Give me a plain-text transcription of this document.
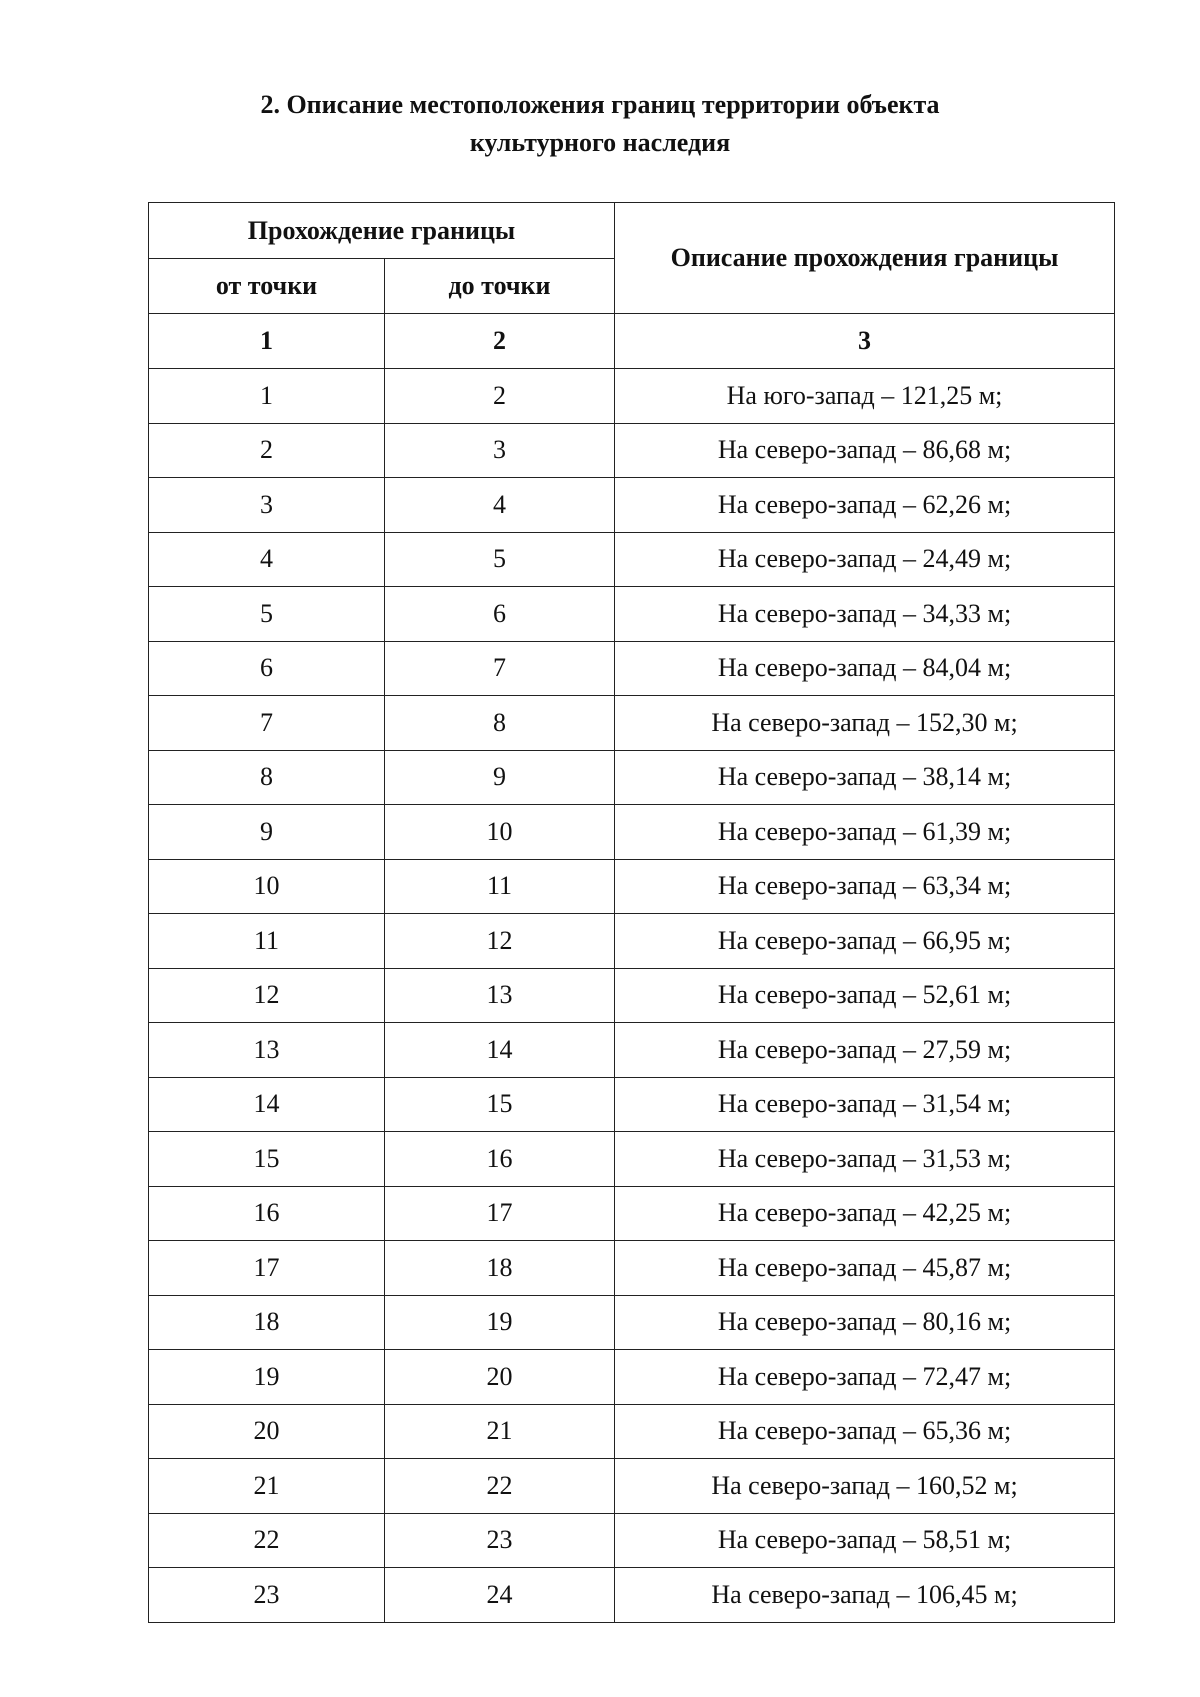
2. Описание местоположения границ территории объекта
культурного наследия
Прохождение границы		Описание прохождения границы
от точки	до точки	
1	2	3
1	2	На юго-запад – 121,25 м;
2	3	На северо-запад – 86,68 м;
3	4	На северо-запад – 62,26 м;
4	5	На северо-запад – 24,49 м;
5	6	На северо-запад – 34,33 м;
6	7	На северо-запад – 84,04 м;
7	8	На северо-запад – 152,30 м;
8	9	На северо-запад – 38,14 м;
9	10	На северо-запад – 61,39 м;
10	11	На северо-запад – 63,34 м;
11	12	На северо-запад – 66,95 м;
12	13	На северо-запад – 52,61 м;
13	14	На северо-запад – 27,59 м;
14	15	На северо-запад – 31,54 м;
15	16	На северо-запад – 31,53 м;
16	17	На северо-запад – 42,25 м;
17	18	На северо-запад – 45,87 м;
18	19	На северо-запад – 80,16 м;
19	20	На северо-запад – 72,47 м;
20	21	На северо-запад – 65,36 м;
21	22	На северо-запад – 160,52 м;
22	23	На северо-запад – 58,51 м;
23	24	На северо-запад – 106,45 м;
